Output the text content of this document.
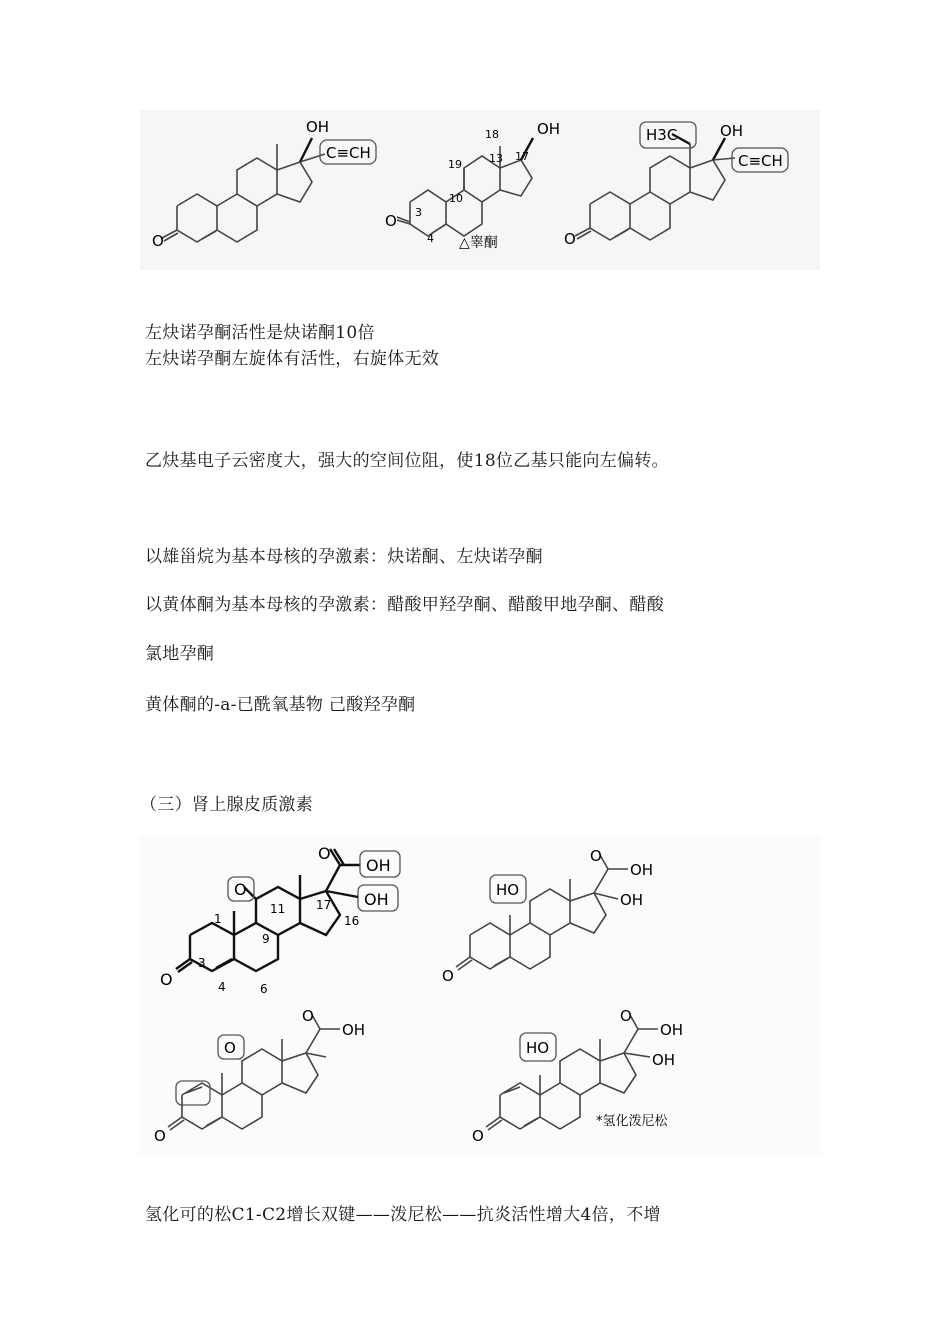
O
OH
C≡CH
OH
O
18
19 13 17
10
3
4 △睾酮
H3C	OH
C≡CH
O
左炔诺孕酮活性是炔诺酮10倍
左炔诺孕酮左旋体有活性，右旋体无效
乙炔基电子云密度大，强大的空间位阻，使18位乙基只能向左偏转。
以雄甾烷为基本母核的孕激素：炔诺酮、左炔诺孕酮
以黄体酮为基本母核的孕激素：醋酸甲羟孕酮、醋酸甲地孕酮、醋酸
氯地孕酮
黄体酮的-a-已酰氧基物 己酸羟孕酮
（三）肾上腺皮质激素
O
O
OH
O
OH
1
3
4	6
9
11
16
17
HO
OH
O
OH
O
O
O
OH
O
HO
OH
O
OH
O
*氢化泼尼松
氢化可的松C1-C2增长双键——泼尼松——抗炎活性增大4倍，不增
